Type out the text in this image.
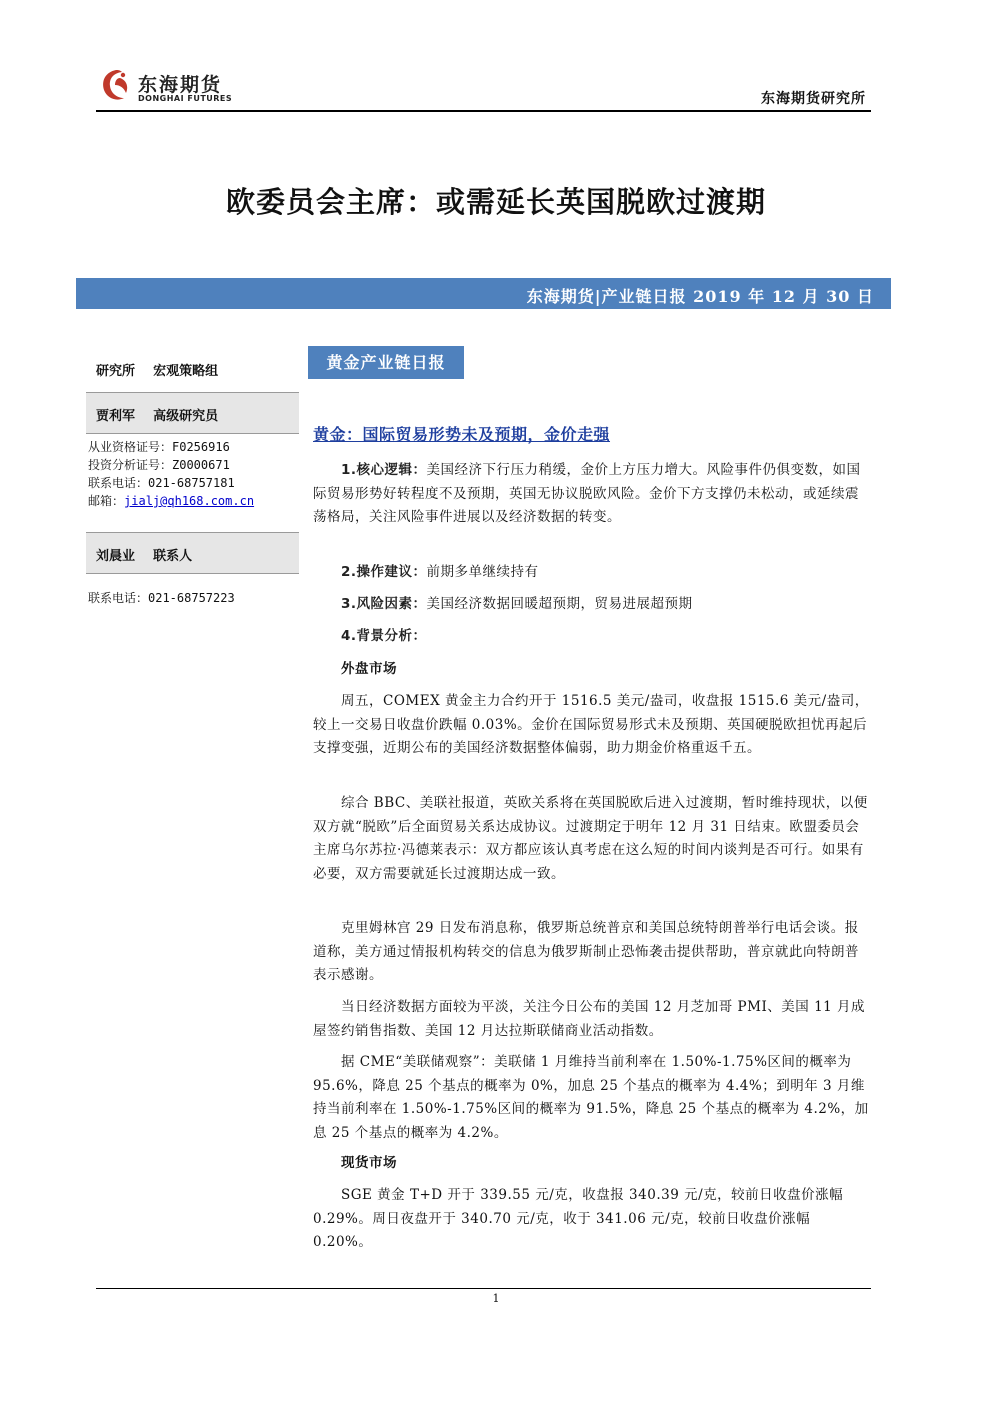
东海期货
DONGHAI FUTURES	东海期货研究所
欧委员会主席：或需延长英国脱欧过渡期
东海期货|产业链日报 2019 年 12 月 30 日
研究所    宏观策略组
贾利军    高级研究员
从业资格证号：F0256916
投资分析证号：Z0000671
联系电话：021-68757181
邮箱：jialj@qh168.com.cn
刘晨业    联系人
联系电话：021-68757223
黄金产业链日报
黄金：国际贸易形势未及预期，金价走强
1.核心逻辑：美国经济下行压力稍缓，金价上方压力增大。风险事件仍俱变数，如国际贸易形势好转程度不及预期，英国无协议脱欧风险。金价下方支撑仍未松动，或延续震荡格局，关注风险事件进展以及经济数据的转变。
2.操作建议：前期多单继续持有
3.风险因素：美国经济数据回暖超预期，贸易进展超预期
4.背景分析：
外盘市场
周五，COMEX 黄金主力合约开于 1516.5 美元/盎司，收盘报 1515.6 美元/盎司，较上一交易日收盘价跌幅 0.03%。金价在国际贸易形式未及预期、英国硬脱欧担忧再起后支撑变强，近期公布的美国经济数据整体偏弱，助力期金价格重返千五。
综合 BBC、美联社报道，英欧关系将在英国脱欧后进入过渡期，暂时维持现状，以便双方就“脱欧”后全面贸易关系达成协议。过渡期定于明年 12 月 31 日结束。欧盟委员会主席乌尔苏拉·冯德莱表示：双方都应该认真考虑在这么短的时间内谈判是否可行。如果有必要，双方需要就延长过渡期达成一致。
克里姆林宫 29 日发布消息称，俄罗斯总统普京和美国总统特朗普举行电话会谈。报道称，美方通过情报机构转交的信息为俄罗斯制止恐怖袭击提供帮助，普京就此向特朗普表示感谢。
当日经济数据方面较为平淡，关注今日公布的美国 12 月芝加哥 PMI、美国 11 月成屋签约销售指数、美国 12 月达拉斯联储商业活动指数。
据 CME“美联储观察”：美联储 1 月维持当前利率在 1.50%-1.75%区间的概率为 95.6%，降息 25 个基点的概率为 0%，加息 25 个基点的概率为 4.4%；到明年 3 月维持当前利率在 1.50%-1.75%区间的概率为 91.5%，降息 25 个基点的概率为 4.2%，加息 25 个基点的概率为 4.2%。
现货市场
SGE 黄金 T+D 开于 339.55 元/克，收盘报 340.39 元/克，较前日收盘价涨幅 0.29%。周日夜盘开于 340.70 元/克，收于 341.06 元/克，较前日收盘价涨幅 0.20%。
1
